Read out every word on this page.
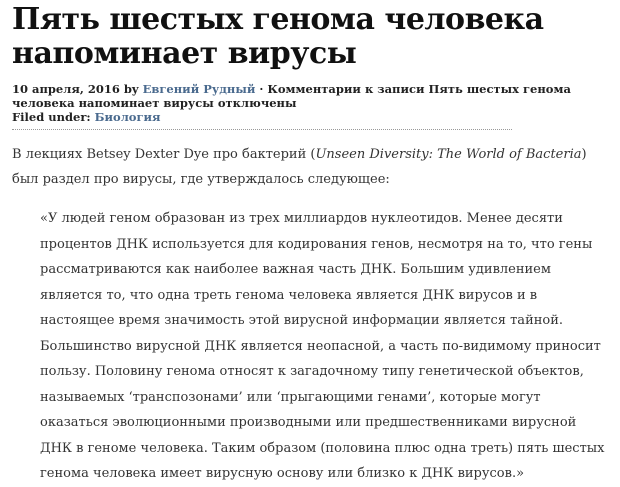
Пять шестых генома человека напоминает вирусы
10 апреля, 2016 by Евгений Рудный · Комментарии к записи Пять шестых генома человека напоминает вирусы отключены
Filed under: Биология

В лекциях Betsey Dexter Dye про бактерий (Unseen Diversity: The World of Bacteria) был раздел про вирусы, где утверждалось следующее:

«У людей геном образован из трех миллиардов нуклеотидов. Менее десяти
процентов ДНК используется для кодирования генов, несмотря на то, что гены
рассматриваются как наиболее важная часть ДНК. Большим удивлением
является то, что одна треть генома человека является ДНК вирусов и в
настоящее время значимость этой вирусной информации является тайной.
Большинство вирусной ДНК является неопасной, а часть по-видимому приносит
пользу. Половину генома относят к загадочному типу генетической объектов,
называемых ‘транспозонами’ или ‘прыгающими генами’, которые могут
оказаться эволюционными производными или предшественниками вирусной
ДНК в геноме человека. Таким образом (половина плюс одна треть) пять шестых
генома человека имеет вирусную основу или близко к ДНК вирусов.»
